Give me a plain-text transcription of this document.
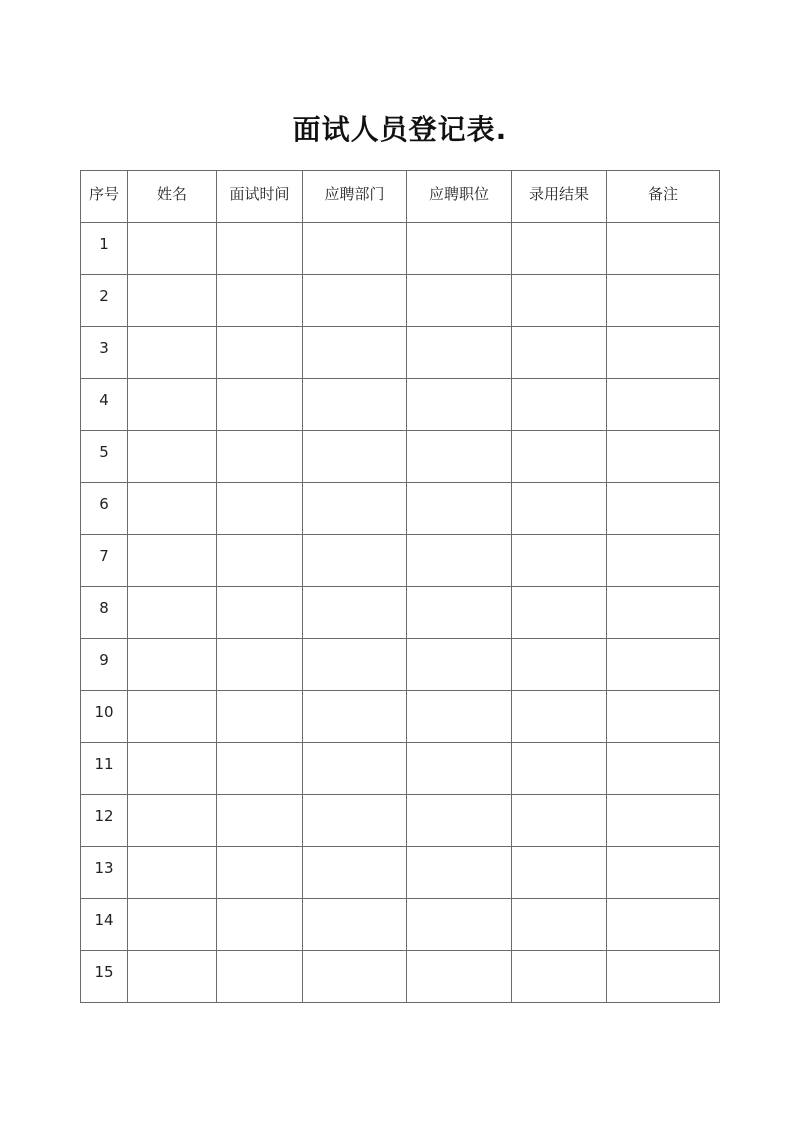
面试人员登记表.
序号	姓名	面试时间	应聘部门	应聘职位	录用结果	备注
1						
2						
3						
4						
5						
6						
7						
8						
9						
10						
11						
12						
13						
14						
15						
